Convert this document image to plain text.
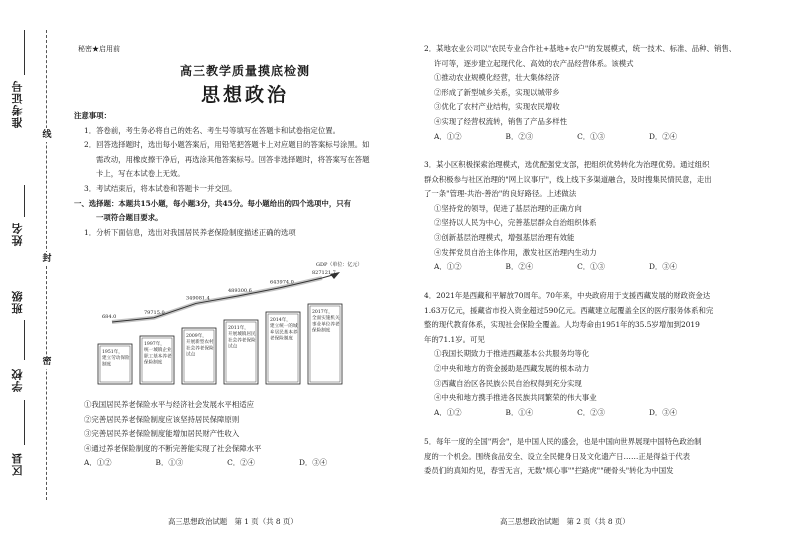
准考证号
线
姓名
封
班级
密
学校
区县
秘密★启用前
高三教学质量摸底检测
思想政治

注意事项：

1．答卷前，考生务必将自己的姓名、考生号等填写在答题卡和试卷指定位置。

2．回答选择题时，选出每小题答案后，用铅笔把答题卡上对应题目的答案标号涂黑。如

需改动，用橡皮擦干净后，再选涂其他答案标号。回答非选择题时，将答案写在答题

卡上，写在本试卷上无效。

3．考试结束后，将本试卷和答题卡一并交回。

一、选择题：本题共15小题，每小题3分，共45分。每小题给出的四个选项中，只有

一项符合题目要求。

1．分析下面信息，选出对我国居民养老保险制度描述正确的选项

GDP（单位：亿元）
684.0
1951年，
建立劳动保险
制度
79715.0
1997年，
统一城镇企业
职工基本养老
保险制度
349081.4
2009年，
开展新型农村
社会养老保险
试点
489300.6
2011年，
开展城镇居民
社会养老保险
试点
643974.0
2014年，
建立统一的城
乡居民基本养
老保险制度
827121.7
2017年，
全面实施机关
事业单位养老
保险制度

①我国居民养老保险水平与经济社会发展水平相适应

②完善居民养老保险制度应该坚持居民保障原则

③完善居民养老保险制度能增加居民财产性收入

④通过养老保险制度的不断完善能实现了社会保障水平

A．①②	B．①③	C．②④	D．③④

2．某地农业公司以"农民专业合作社+基地+农户"的发展模式，统一技术、标准、品种、销售、

许可等，逐步建立起现代化、高效的农产品经营体系。该模式

①推动农业规模化经营，壮大集体经济

②形成了新型城乡关系，实现以城带乡

③优化了农村产业结构，实现农民增收

④实现了经营权流转，销售了产品多样性

A．①②	B．②③	C．①③	D．②④

3．某小区积极探索治理模式，选优配强党支部，把组织优势转化为治理优势。通过组织

群众积极参与社区治理的"网上议事厅"，线上线下多渠道融合，及时搜集民情民意，走出

了一条"管理-共治-善治"的良好路径。上述做法

①坚持党的领导，促进了基层治理的正确方向

②坚持以人民为中心，完善基层群众自治组织体系

③创新基层治理模式，增强基层治理有效能

④发挥党员自治主体作用，激发社区治理内生动力

A．①②	B．②④	C．①③	D．③④

4．2021年是西藏和平解放70周年。70年来，中央政府用于支援西藏发展的财政资金达

1.63万亿元，援藏省市投入资金超过590亿元。西藏建立起覆盖全区的医疗服务体系和完

整的现代教育体系，实现社会保险全覆盖。人均寿命由1951年的35.5岁增加到2019

年的71.1岁。可见

①我国长期致力于推进西藏基本公共服务均等化

②中央和地方的资金援助是西藏发展的根本动力

③西藏自治区各民族公民自治权得到充分实现

④中央和地方携手推进各民族共同繁荣的伟大事业

A．①②	B．①④	C．②③	D．③④

5．每年一度的全国"两会"，是中国人民的盛会，也是中国向世界展现中国特色政治制

度的一个机会。围绕食品安全、设立全民健身日及文化遗产日……正是得益于代表

委员们的真知灼见，春雪无言，无数"烦心事""拦路虎""硬骨头"转化为中国发

高三思想政治试题　第 1 页（共 8 页）	高三思想政治试题　第 2 页（共 8 页）
